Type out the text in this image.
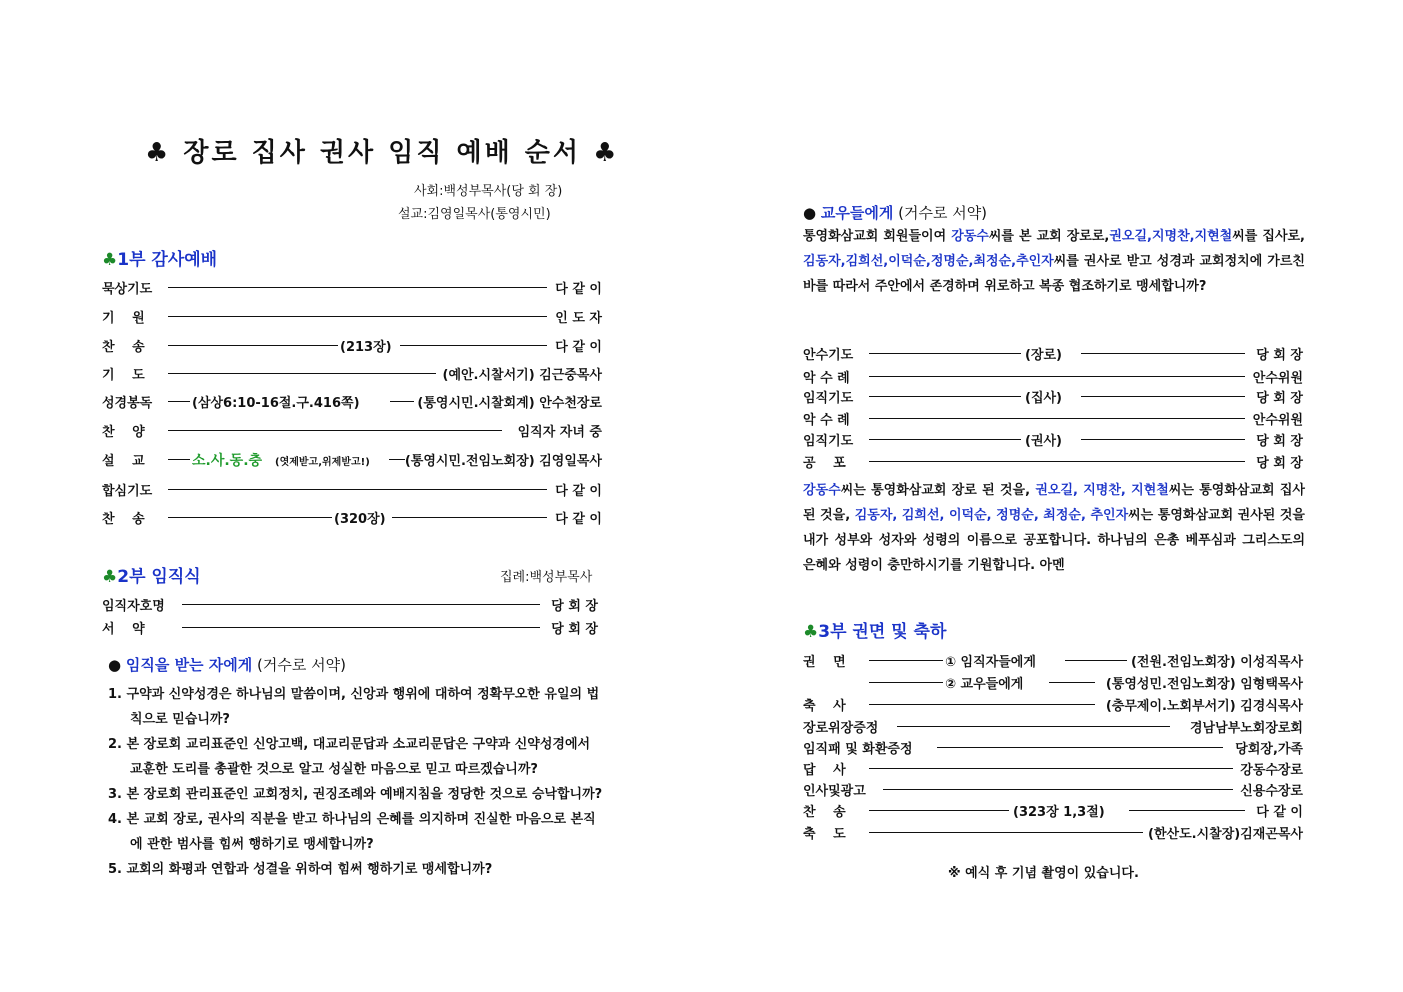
♣ 장로 집사 권사 임직 예배 순서 ♣
사회:백성부목사(당 회 장)
설교:김영일목사(통영시민)
♣1부 감사예배
묵상기도	다 같 이
기　 원	인 도 자
찬　 송	(213장)	다 같 이
기　 도	(예안.시찰서기) 김근중목사
성경봉독	(삼상6:10-16절.구.416쪽)	(통영시민.시찰회계) 안수천장로
찬　 양	임직자 자녀 중
설　 교	소.사.동.충 (엿제받고,위제받고!)	(통영시민.전임노회장) 김영일목사
합심기도	다 같 이
찬　 송	(320장)	다 같 이
♣2부 임직식	집례:백성부목사
임직자호명	당 회 장
서　 약	당 회 장
● 임직을 받는 자에게 (거수로 서약)
1. 구약과 신약성경은 하나님의 말씀이며, 신앙과 행위에 대하여 정확무오한 유일의 법칙으로 믿습니까?
2. 본 장로회 교리표준인 신앙고백, 대교리문답과 소교리문답은 구약과 신약성경에서 교훈한 도리를 총괄한 것으로 알고 성실한 마음으로 믿고 따르겠습니까?
3. 본 장로회 관리표준인 교회정치, 권징조례와 예배지침을 정당한 것으로 승낙합니까?
4. 본 교회 장로, 권사의 직분을 받고 하나님의 은혜를 의지하며 진실한 마음으로 본직에 관한 범사를 힘써 행하기로 맹세합니까?
5. 교회의 화평과 연합과 성결을 위하여 힘써 행하기로 맹세합니까?
● 교우들에게 (거수로 서약)
통영화삼교회 회원들이여 강동수씨를 본 교회 장로로,권오길,지명찬,지현철씨를 집사로, 김동자,김희선,이덕순,정명순,최정순,추인자씨를 권사로 받고 성경과 교회정치에 가르친 바를 따라서 주안에서 존경하며 위로하고 복종 협조하기로 맹세합니까?
안수기도	(장로)	당 회 장
악 수 례	안수위원
임직기도	(집사)	당 회 장
악 수 례	안수위원
임직기도	(권사)	당 회 장
공　 포	당 회 장
강동수씨는 통영화삼교회 장로 된 것을, 권오길, 지명찬, 지현철씨는 통영화삼교회 집사된 것을, 김동자, 김희선, 이덕순, 정명순, 최정순, 추인자씨는 통영화삼교회 권사된 것을 내가 성부와 성자와 성령의 이름으로 공포합니다. 하나님의 은총 베푸심과 그리스도의 은혜와 성령이 충만하시기를 기원합니다. 아멘
♣3부 권면 및 축하
권　 면	① 임직자들에게	(전원.전임노회장) 이성직목사
② 교우들에게	(통영성민.전임노회장) 임형택목사
축　 사	(충무제이.노회부서기) 김경식목사
장로위장증정	경남남부노회장로회
임직패 및 화환증정	당회장,가족
답　 사	강동수장로
인사및광고	신용수장로
찬　 송	(323장 1,3절)	다 같 이
축　 도	(한산도.시찰장)김재곤목사
※ 예식 후 기념 촬영이 있습니다.
